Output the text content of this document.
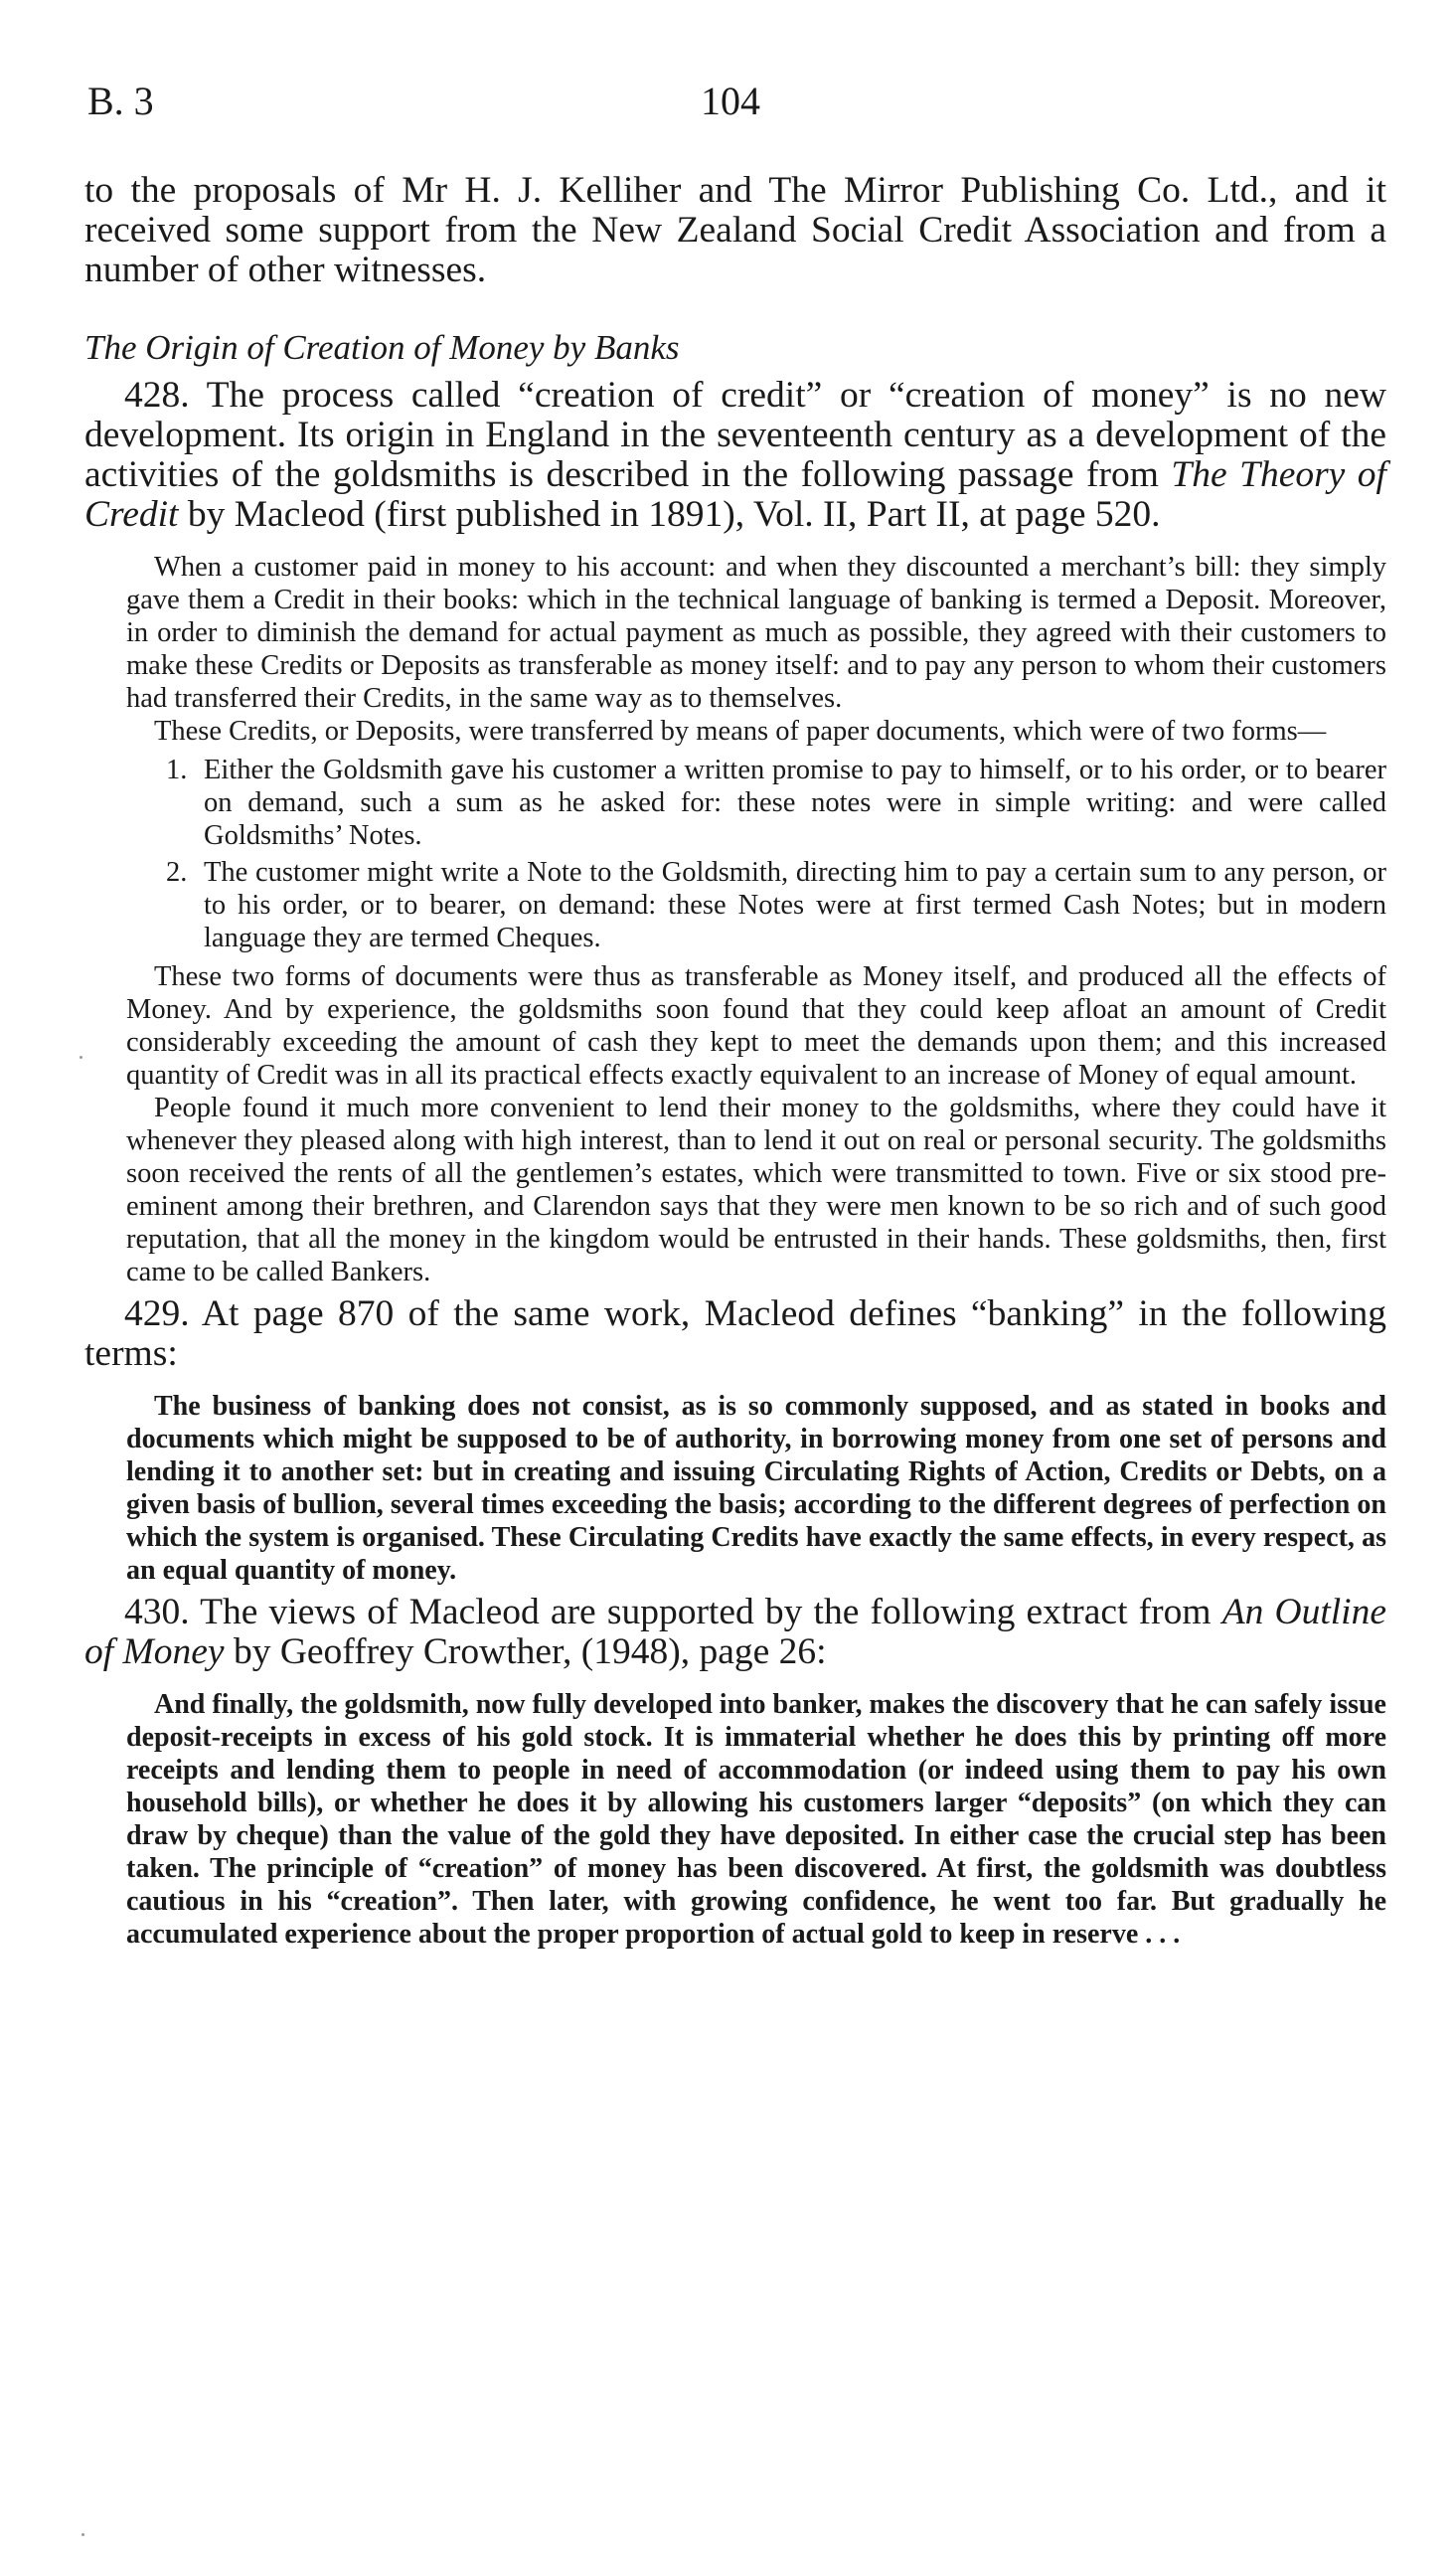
B. 3	104

to the proposals of Mr H. J. Kelliher and The Mirror Publishing Co. Ltd., and it received some support from the New Zealand Social Credit Association and from a number of other witnesses.

The Origin of Creation of Money by Banks

428. The process called “creation of credit” or “creation of money” is no new development. Its origin in England in the seventeenth century as a development of the activities of the goldsmiths is described in the following passage from The Theory of Credit by Macleod (first published in 1891), Vol. II, Part II, at page 520.

When a customer paid in money to his account: and when they discounted a merchant’s bill: they simply gave them a Credit in their books: which in the technical language of banking is termed a Deposit. Moreover, in order to diminish the demand for actual payment as much as possible, they agreed with their customers to make these Credits or Deposits as transferable as money itself: and to pay any person to whom their customers had transferred their Credits, in the same way as to themselves.

These Credits, or Deposits, were transferred by means of paper documents, which were of two forms—

1. Either the Goldsmith gave his customer a written promise to pay to himself, or to his order, or to bearer on demand, such a sum as he asked for: these notes were in simple writing: and were called Goldsmiths’ Notes.
2. The customer might write a Note to the Goldsmith, directing him to pay a certain sum to any person, or to his order, or to bearer, on demand: these Notes were at first termed Cash Notes; but in modern language they are termed Cheques.

These two forms of documents were thus as transferable as Money itself, and produced all the effects of Money. And by experience, the goldsmiths soon found that they could keep afloat an amount of Credit considerably exceeding the amount of cash they kept to meet the demands upon them; and this increased quantity of Credit was in all its practical effects exactly equivalent to an increase of Money of equal amount.

People found it much more convenient to lend their money to the goldsmiths, where they could have it whenever they pleased along with high interest, than to lend it out on real or personal security. The goldsmiths soon received the rents of all the gentlemen’s estates, which were transmitted to town. Five or six stood pre-eminent among their brethren, and Clarendon says that they were men known to be so rich and of such good reputation, that all the money in the kingdom would be entrusted in their hands. These goldsmiths, then, first came to be called Bankers.

429. At page 870 of the same work, Macleod defines “banking” in the following terms:

The business of banking does not consist, as is so commonly supposed, and as stated in books and documents which might be supposed to be of authority, in borrowing money from one set of persons and lending it to another set: but in creating and issuing Circulating Rights of Action, Credits or Debts, on a given basis of bullion, several times exceeding the basis; according to the different degrees of perfection on which the system is organised. These Circulating Credits have exactly the same effects, in every respect, as an equal quantity of money.

430. The views of Macleod are supported by the following extract from An Outline of Money by Geoffrey Crowther, (1948), page 26:

And finally, the goldsmith, now fully developed into banker, makes the discovery that he can safely issue deposit-receipts in excess of his gold stock. It is immaterial whether he does this by printing off more receipts and lending them to people in need of accommodation (or indeed using them to pay his own household bills), or whether he does it by allowing his customers larger “deposits” (on which they can draw by cheque) than the value of the gold they have deposited. In either case the crucial step has been taken. The principle of “creation” of money has been discovered. At first, the goldsmith was doubtless cautious in his “creation”. Then later, with growing confidence, he went too far. But gradually he accumulated experience about the proper proportion of actual gold to keep in reserve . . .
